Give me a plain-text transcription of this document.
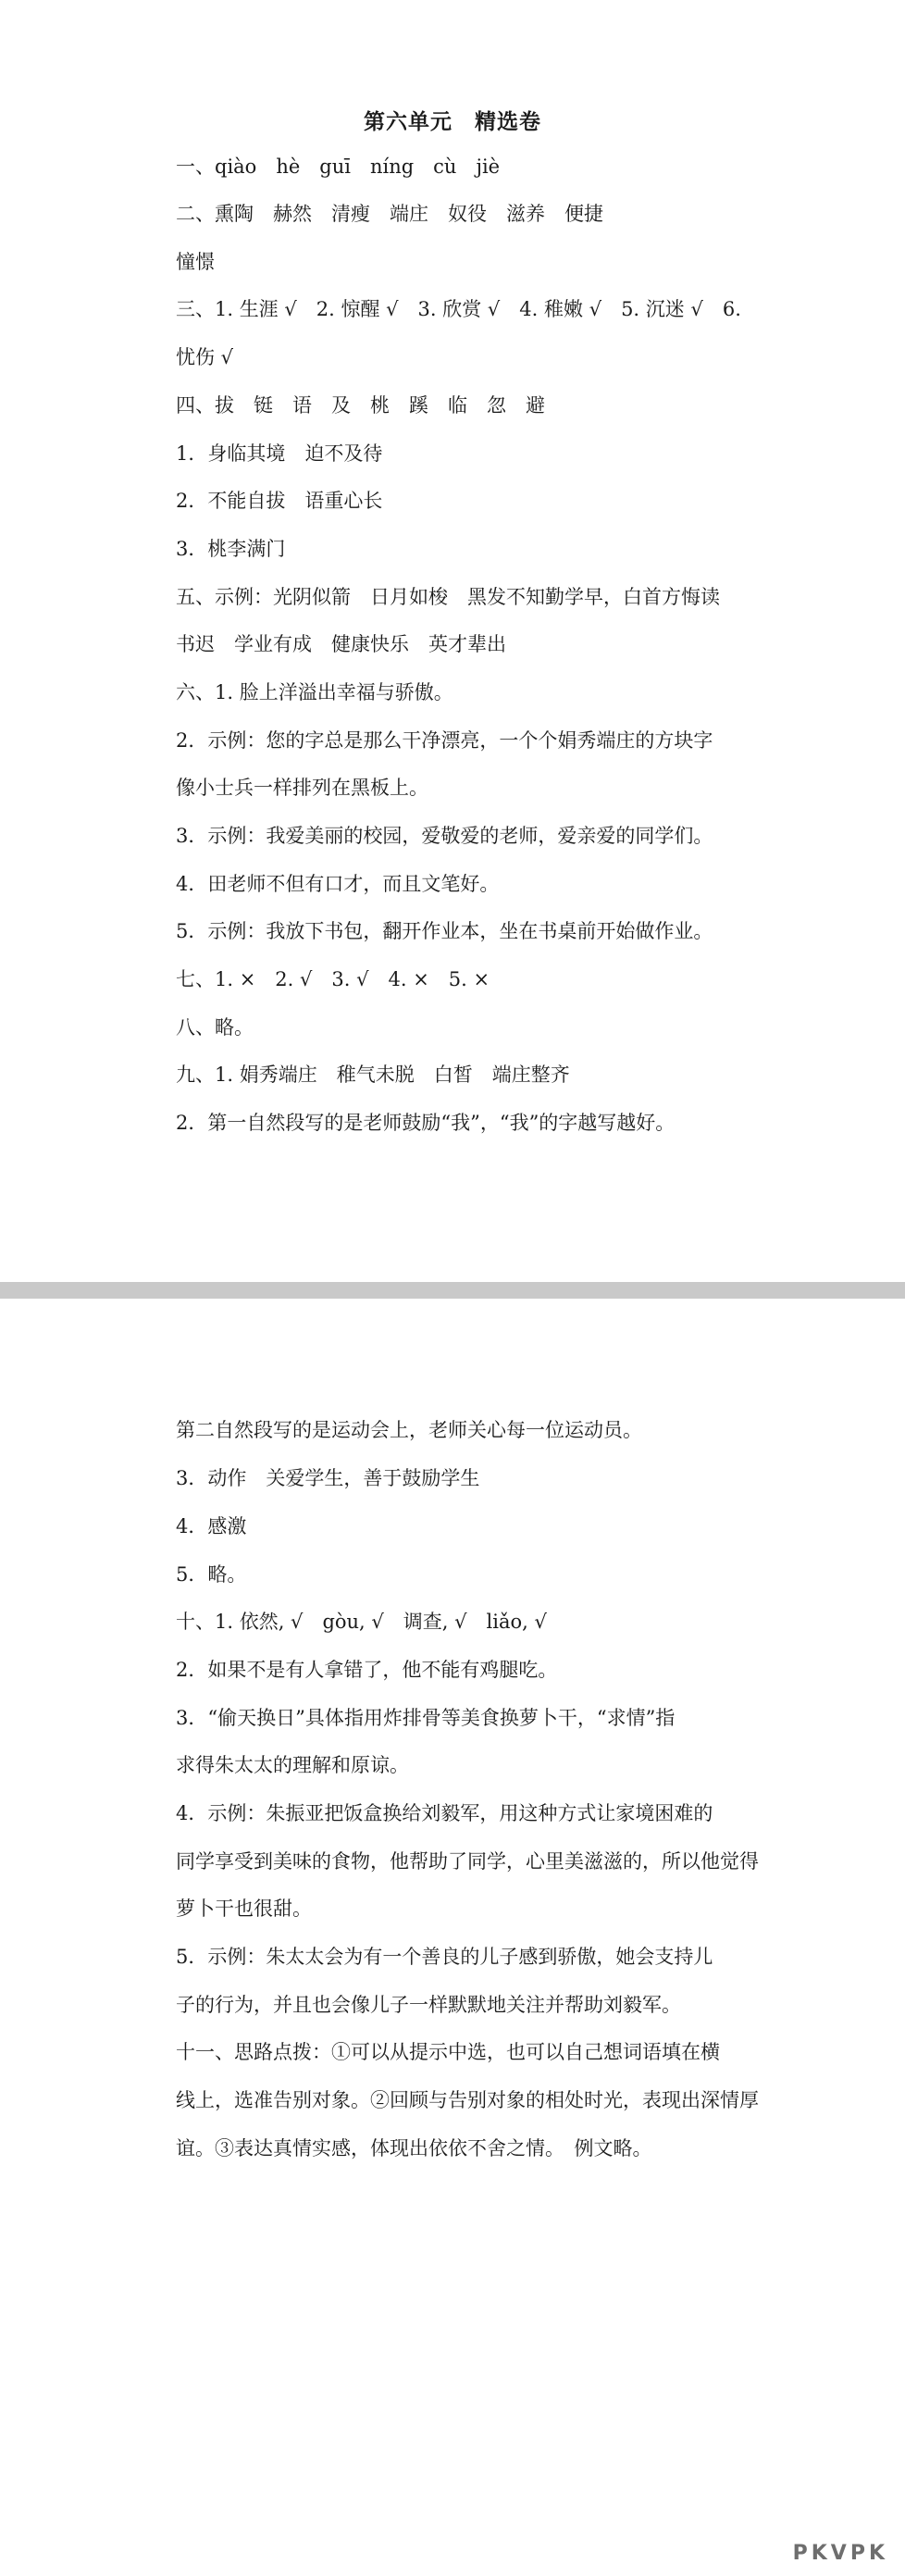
第六单元　精选卷
一、qiào　hè　guī　níng　cù　jiè
二、熏陶　赫然　清瘦　端庄　奴役　滋养　便捷
憧憬
三、1. 生涯 √　2. 惊醒 √　3. 欣赏 √　4. 稚嫩 √　5. 沉迷 √　6.
忧伤 √
四、拔　铤　语　及　桃　蹊　临　忽　避
1．身临其境　迫不及待
2．不能自拔　语重心长
3．桃李满门
五、示例：光阴似箭　日月如梭　黑发不知勤学早，白首方悔读
书迟　学业有成　健康快乐　英才辈出
六、1. 脸上洋溢出幸福与骄傲。
2．示例：您的字总是那么干净漂亮，一个个娟秀端庄的方块字
像小士兵一样排列在黑板上。
3．示例：我爱美丽的校园，爱敬爱的老师，爱亲爱的同学们。
4．田老师不但有口才，而且文笔好。
5．示例：我放下书包，翻开作业本，坐在书桌前开始做作业。
七、1. ×　2. √　3. √　4. ×　5. ×
八、略。
九、1. 娟秀端庄　稚气未脱　白皙　端庄整齐
2．第一自然段写的是老师鼓励“我”，“我”的字越写越好。
第二自然段写的是运动会上，老师关心每一位运动员。
3．动作　关爱学生，善于鼓励学生
4．感激
5．略。
十、1. 依然, √　gòu, √　调查, √　liǎo, √
2．如果不是有人拿错了，他不能有鸡腿吃。
3．“偷天换日”具体指用炸排骨等美食换萝卜干，“求情”指
求得朱太太的理解和原谅。
4．示例：朱振亚把饭盒换给刘毅军，用这种方式让家境困难的
同学享受到美味的食物，他帮助了同学，心里美滋滋的，所以他觉得
萝卜干也很甜。
5．示例：朱太太会为有一个善良的儿子感到骄傲，她会支持儿
子的行为，并且也会像儿子一样默默地关注并帮助刘毅军。
十一、思路点拨：①可以从提示中选，也可以自己想词语填在横
线上，选准告别对象。②回顾与告别对象的相处时光，表现出深情厚
谊。③表达真情实感，体现出依依不舍之情。　例文略。
PKVPK
